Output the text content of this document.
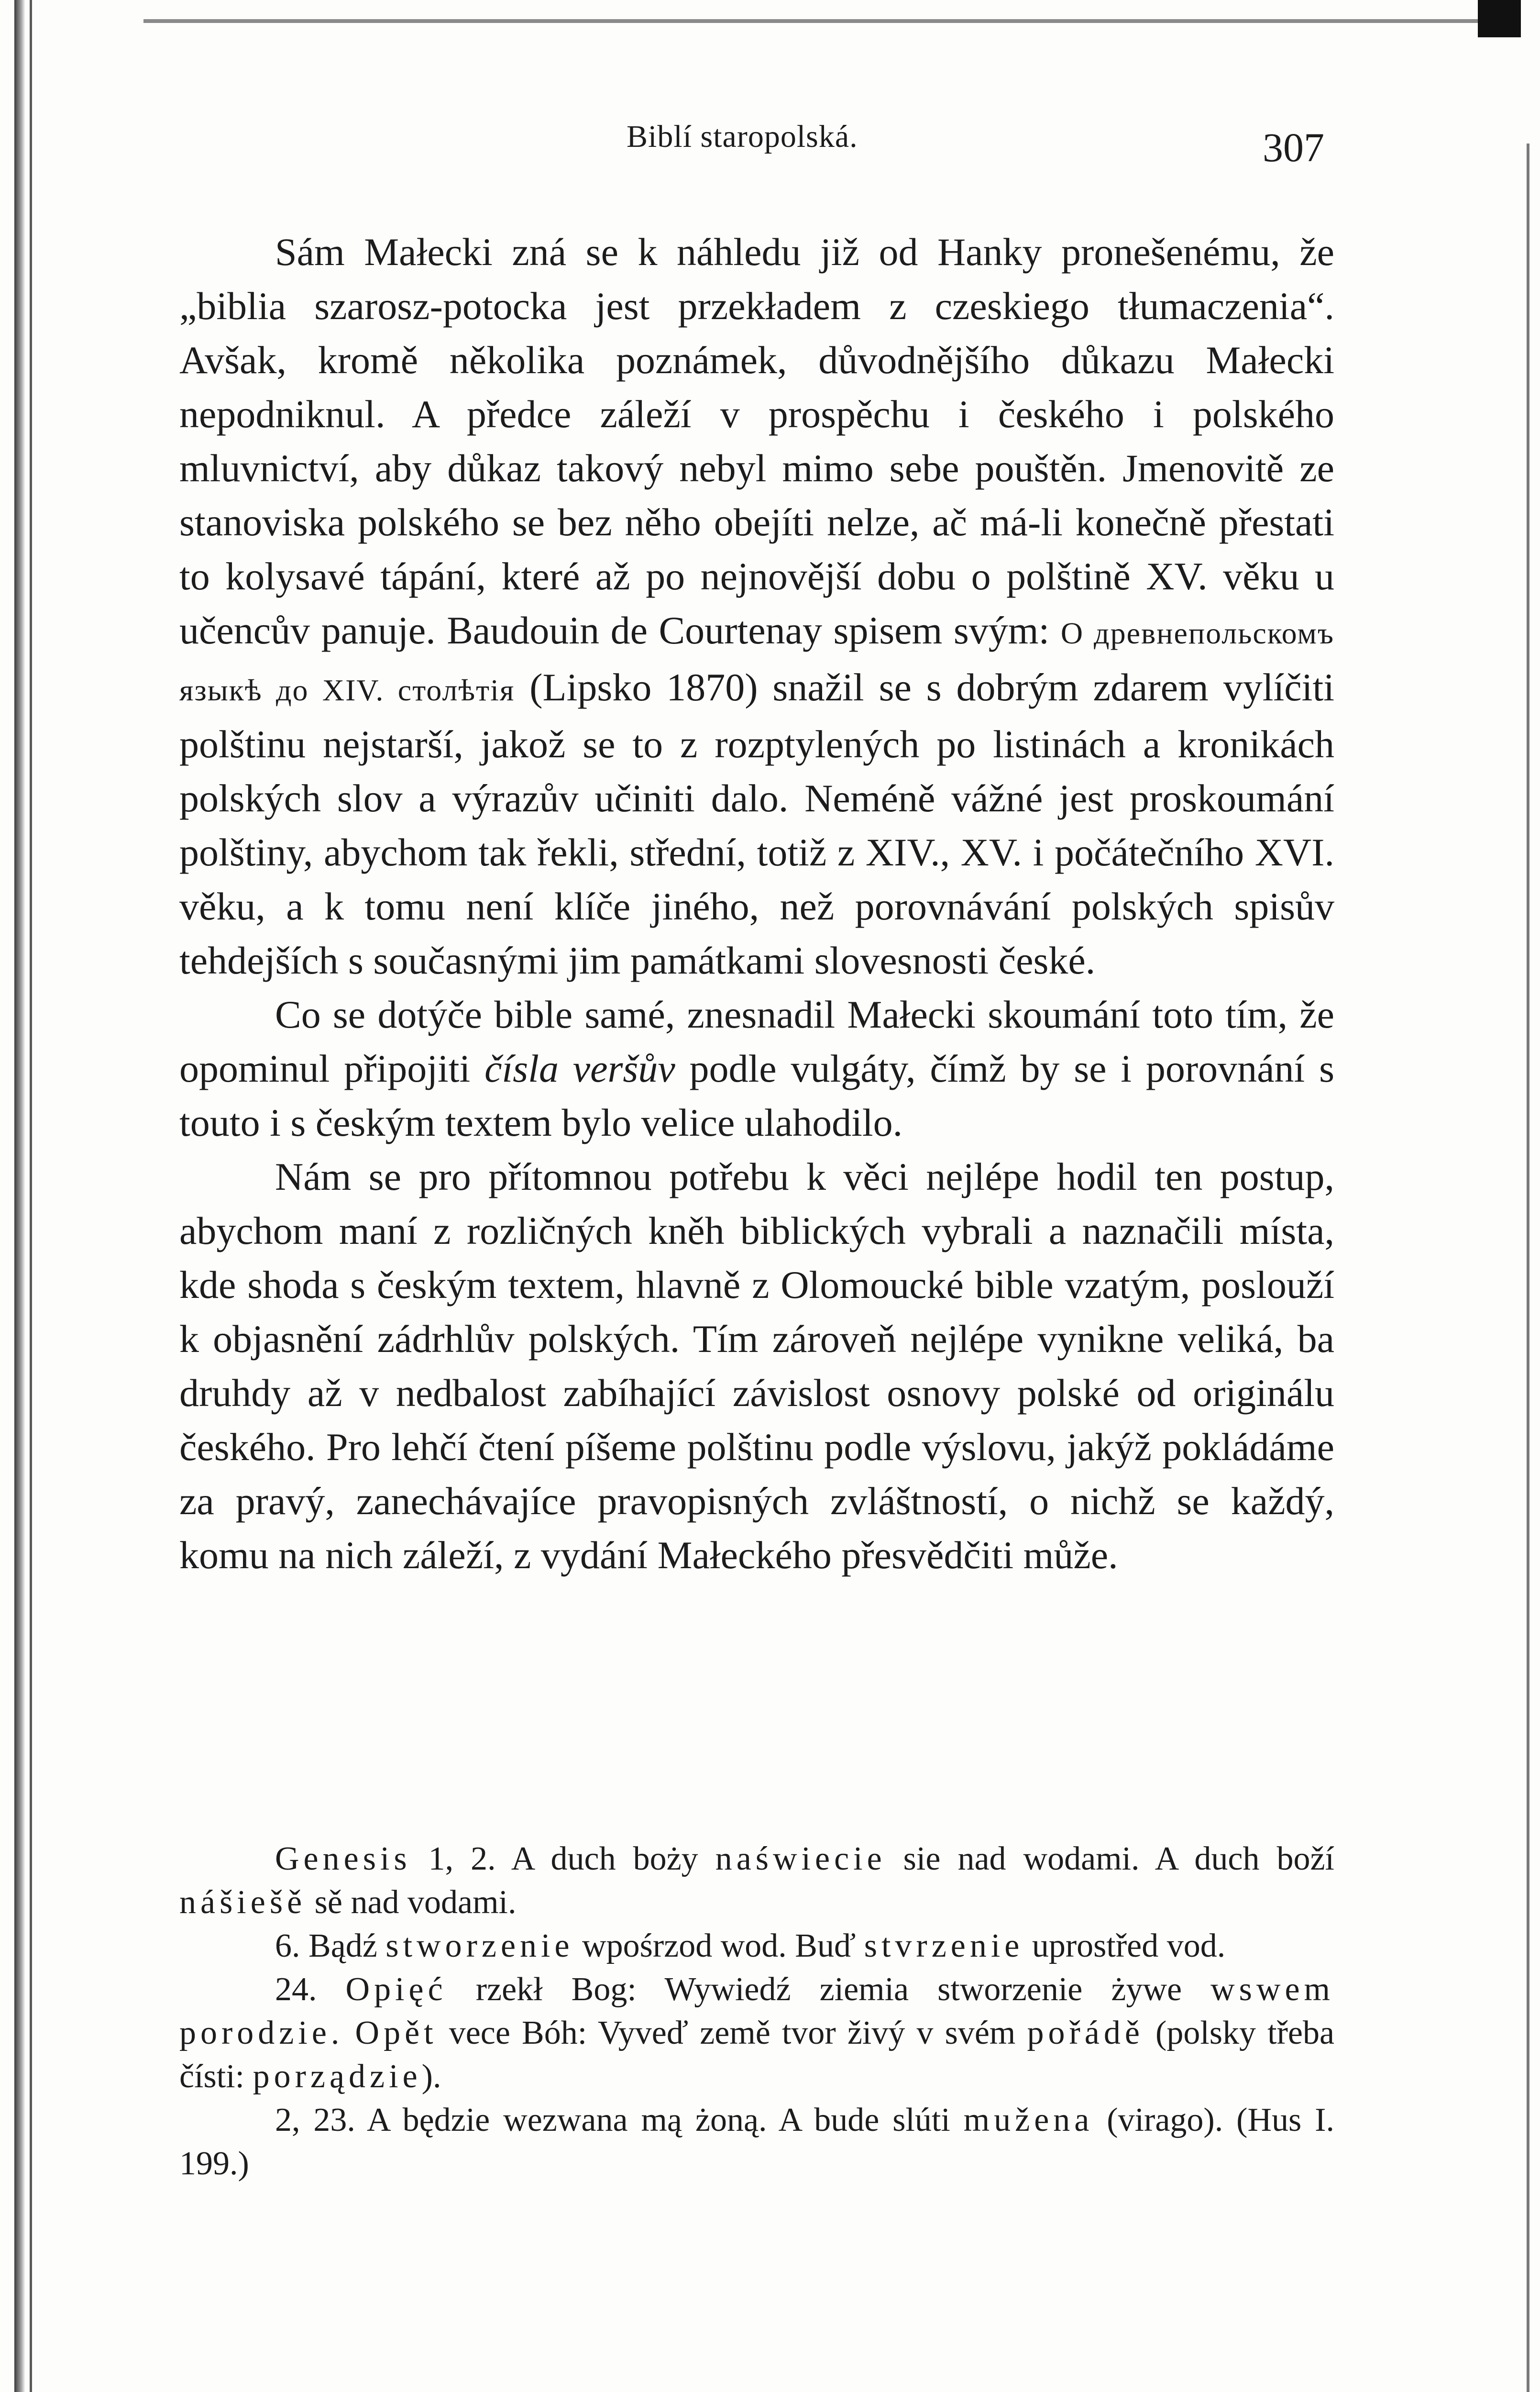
Biblí staropolská.	307

Sám Małecki zná se k náhledu již od Hanky pronešenému, že „biblia szarosz-potocka jest przekładem z czeskiego tłumaczenia“. Avšak, kromě několika poznámek, důvodnějšího důkazu Małecki nepodniknul. A předce záleží v prospěchu i českého i polského mluvnictví, aby důkaz takový nebyl mimo sebe pouštěn. Jmenovitě ze stanoviska polského se bez něho obejíti nelze, ač má-li konečně přestati to kolysavé tápání, které až po nejnovější dobu o polštině XV. věku u učencův panuje. Baudouin de Courtenay spisem svým: О древнепольскомъ языкѣ до XIV. столѣтія (Lipsko 1870) snažil se s dobrým zdarem vylíčiti polštinu nejstarší, jakož se to z rozptylených po listinách a kronikách polských slov a výrazův učiniti dalo. Neméně vážné jest proskoumání polštiny, abychom tak řekli, střední, totiž z XIV., XV. i počátečního XVI. věku, a k tomu není klíče jiného, než porovnávání polských spisův tehdejších s současnými jim památkami slovesnosti české.

Co se dotýče bible samé, znesnadil Małecki skoumání toto tím, že opominul připojiti čísla veršův podle vulgáty, čímž by se i porovnání s touto i s českým textem bylo velice ulahodilo.

Nám se pro přítomnou potřebu k věci nejlépe hodil ten postup, abychom maní z rozličných kněh biblických vybrali a naznačili místa, kde shoda s českým textem, hlavně z Olomoucké bible vzatým, poslouží k objasnění zádrhlův polských. Tím zároveň nejlépe vynikne veliká, ba druhdy až v nedbalost zabíhající závislost osnovy polské od originálu českého. Pro lehčí čtení píšeme polštinu podle výslovu, jakýž pokládáme za pravý, zanechávajíce pravopisných zvláštností, o nichž se každý, komu na nich záleží, z vydání Małeckého přesvědčiti může.

Genesis 1, 2. A duch boży naświecie sie nad wodami. A duch boží nášiešě sě nad vodami.

6. Bądź stworzenie wpośrzod wod. Buď stvrzenie uprostřed vod.

24. Opięć rzekł Bog: Wywiedź ziemia stworzenie żywe wswem porodzie. Opět vece Bóh: Vyveď země tvor živý v svém pořádě (polsky třeba čísti: porządzie).

2, 23. A będzie wezwana mą żoną. A bude slúti mužena (virago). (Hus I. 199.)
